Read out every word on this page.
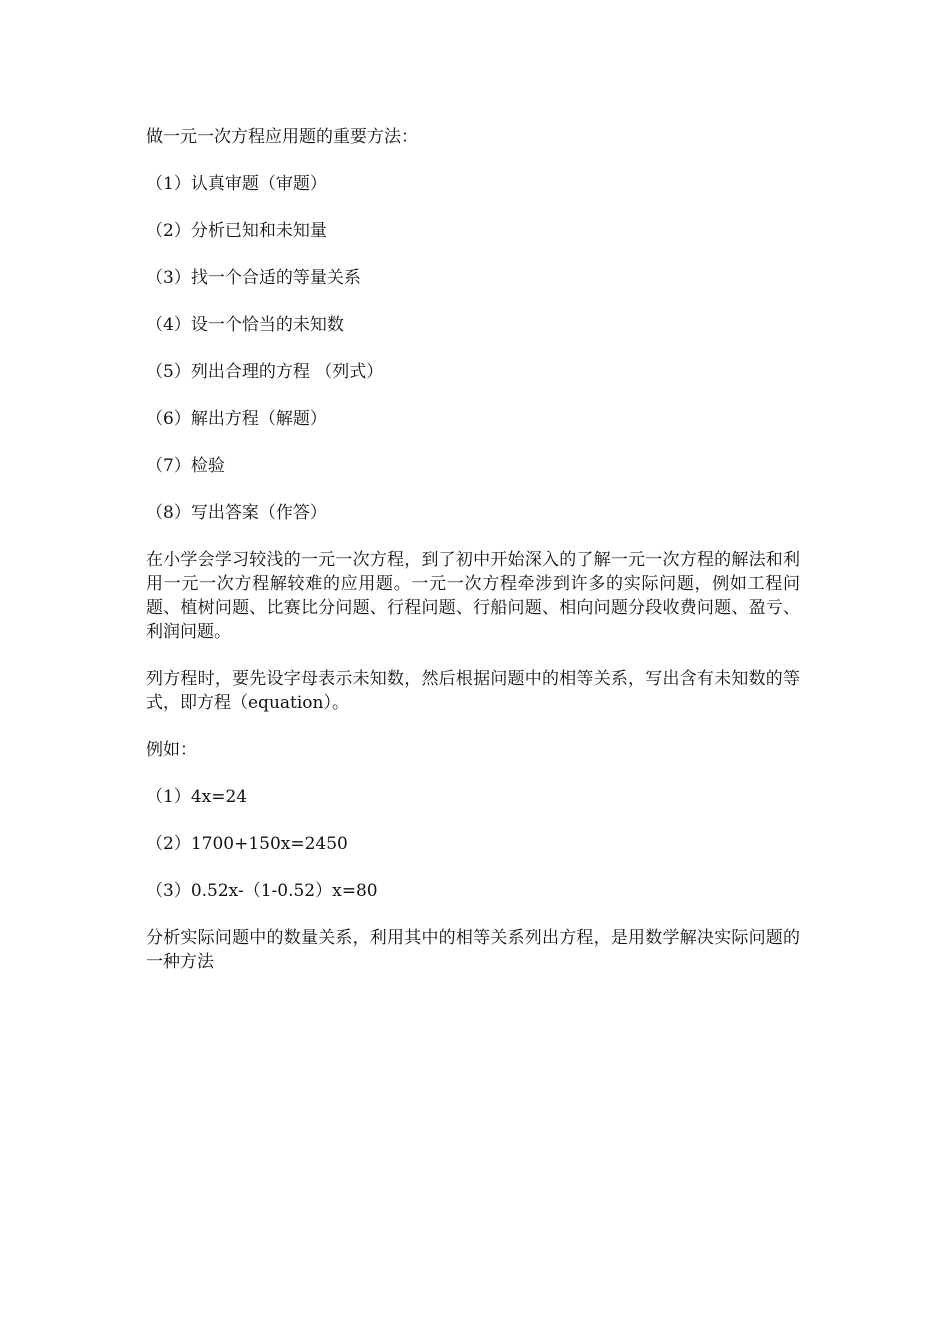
做一元一次方程应用题的重要方法：

（1）认真审题（审题）

（2）分析已知和未知量

（3）找一个合适的等量关系

（4）设一个恰当的未知数

（5）列出合理的方程 （列式）

（6）解出方程（解题）

（7）检验

（8）写出答案（作答）

在小学会学习较浅的一元一次方程，到了初中开始深入的了解一元一次方程的解法和利用一元一次方程解较难的应用题。一元一次方程牵涉到许多的实际问题，例如工程问题、植树问题、比赛比分问题、行程问题、行船问题、相向问题分段收费问题、盈亏、利润问题。

列方程时，要先设字母表示未知数，然后根据问题中的相等关系，写出含有未知数的等式，即方程（equation）。

例如：

（1）4x=24

（2）1700+150x=2450

（3）0.52x-（1-0.52）x=80

分析实际问题中的数量关系，利用其中的相等关系列出方程，是用数学解决实际问题的一种方法
